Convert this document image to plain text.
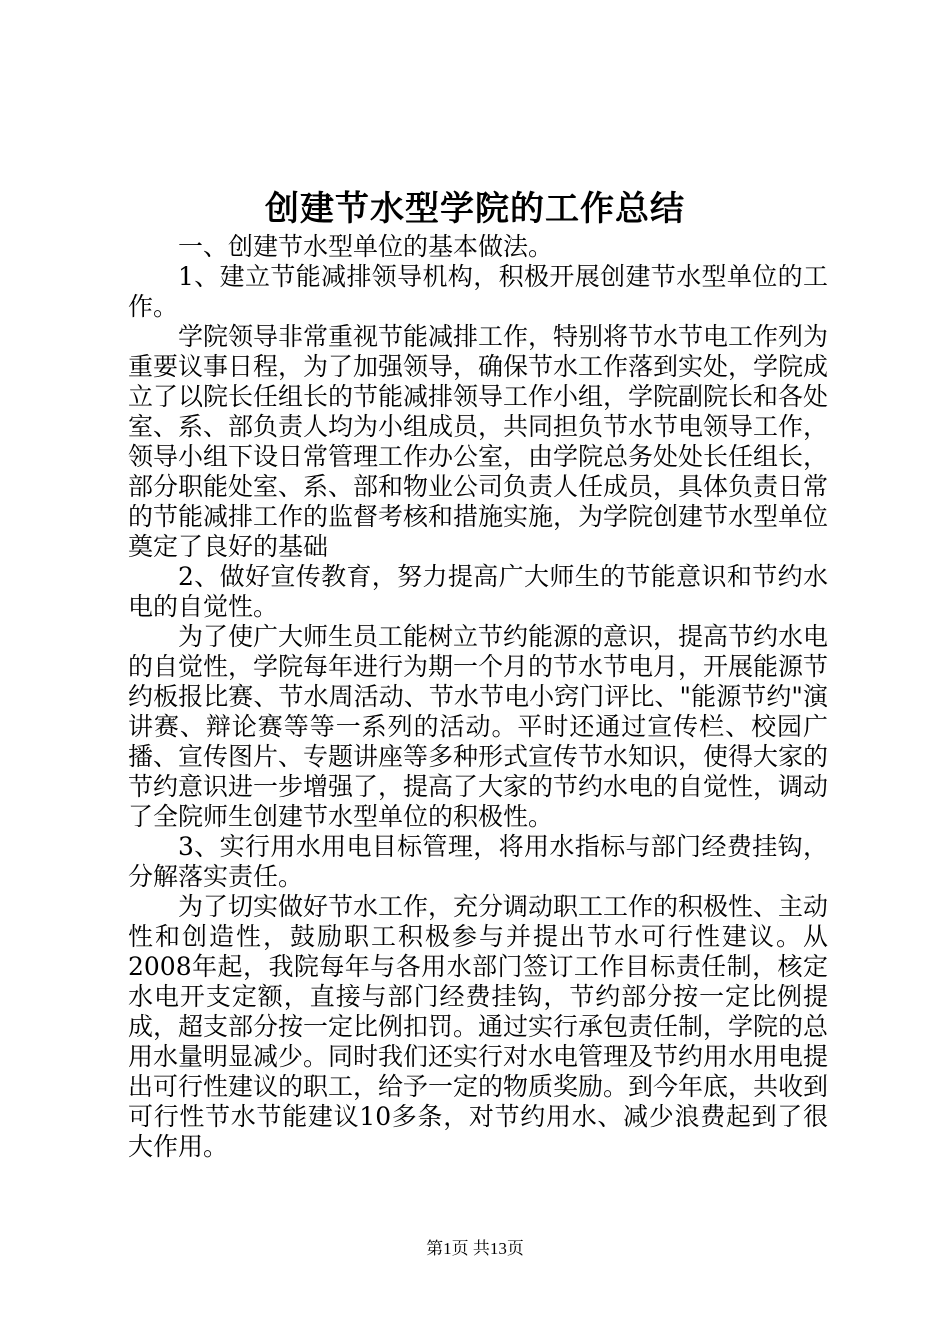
创建节水型学院的工作总结

一、创建节水型单位的基本做法。

1、建立节能减排领导机构，积极开展创建节水型单位的工作。

学院领导非常重视节能减排工作，特别将节水节电工作列为重要议事日程，为了加强领导，确保节水工作落到实处，学院成立了以院长任组长的节能减排领导工作小组，学院副院长和各处室、系、部负责人均为小组成员，共同担负节水节电领导工作，领导小组下设日常管理工作办公室，由学院总务处处长任组长，部分职能处室、系、部和物业公司负责人任成员，具体负责日常的节能减排工作的监督考核和措施实施，为学院创建节水型单位奠定了良好的基础

2、做好宣传教育，努力提高广大师生的节能意识和节约水电的自觉性。

为了使广大师生员工能树立节约能源的意识，提高节约水电的自觉性，学院每年进行为期一个月的节水节电月，开展能源节约板报比赛、节水周活动、节水节电小窍门评比、"能源节约"演讲赛、辩论赛等等一系列的活动。平时还通过宣传栏、校园广播、宣传图片、专题讲座等多种形式宣传节水知识，使得大家的节约意识进一步增强了，提高了大家的节约水电的自觉性，调动了全院师生创建节水型单位的积极性。

3、实行用水用电目标管理，将用水指标与部门经费挂钩，分解落实责任。

为了切实做好节水工作，充分调动职工工作的积极性、主动性和创造性，鼓励职工积极参与并提出节水可行性建议。从2008年起，我院每年与各用水部门签订工作目标责任制，核定水电开支定额，直接与部门经费挂钩，节约部分按一定比例提成，超支部分按一定比例扣罚。通过实行承包责任制，学院的总用水量明显减少。同时我们还实行对水电管理及节约用水用电提出可行性建议的职工，给予一定的物质奖励。到今年底，共收到可行性节水节能建议10多条，对节约用水、减少浪费起到了很大作用。

第1页 共13页
